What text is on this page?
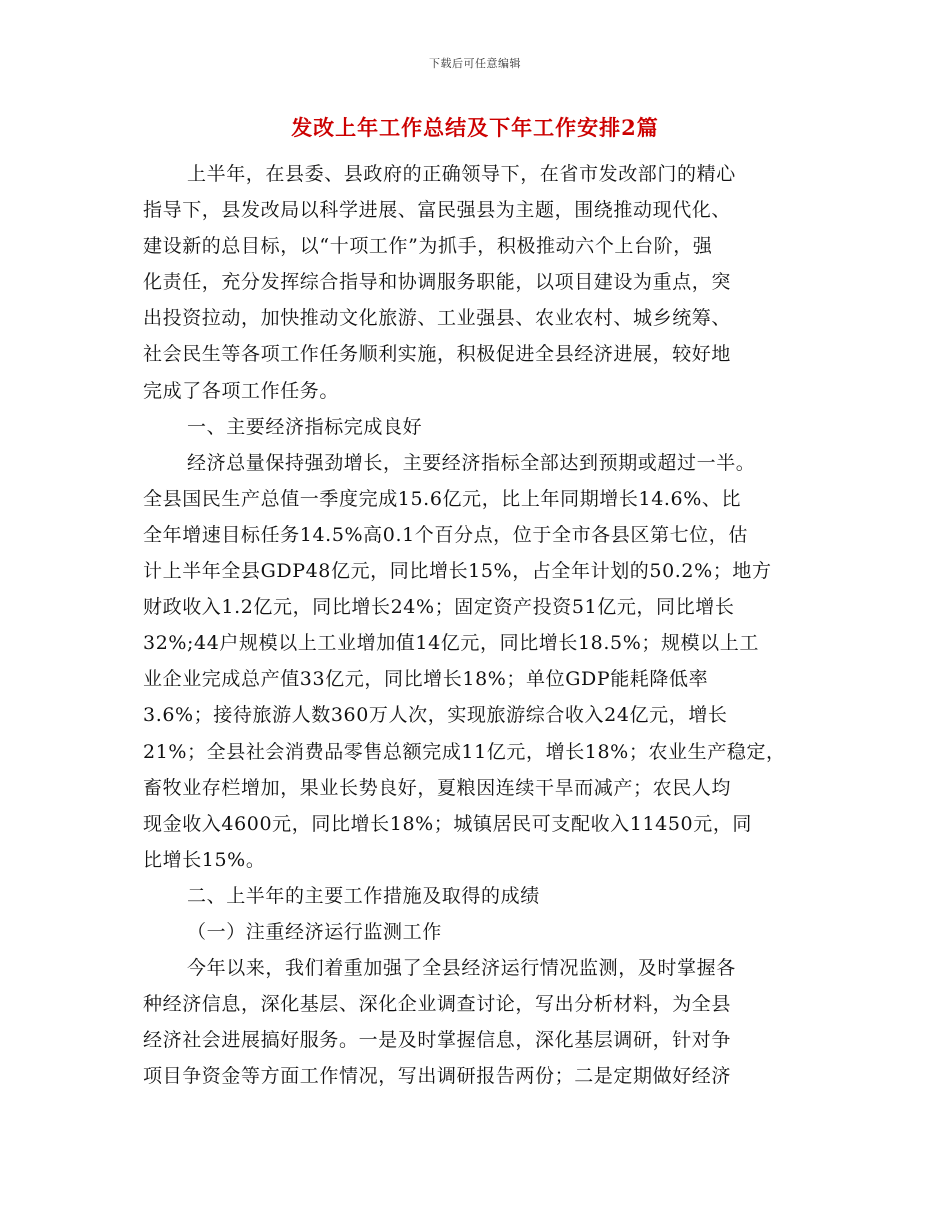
下载后可任意编辑
发改上年工作总结及下年工作安排2篇
上半年，在县委、县政府的正确领导下，在省市发改部门的精心
指导下，县发改局以科学进展、富民强县为主题，围绕推动现代化、
建设新的总目标，以“十项工作”为抓手，积极推动六个上台阶，强
化责任，充分发挥综合指导和协调服务职能，以项目建设为重点，突
出投资拉动，加快推动文化旅游、工业强县、农业农村、城乡统筹、
社会民生等各项工作任务顺利实施，积极促进全县经济进展，较好地
完成了各项工作任务。
一、主要经济指标完成良好
经济总量保持强劲增长，主要经济指标全部达到预期或超过一半。
全县国民生产总值一季度完成15.6亿元，比上年同期增长14.6%、比
全年增速目标任务14.5%高0.1个百分点，位于全市各县区第七位，估
计上半年全县GDP48亿元，同比增长15%，占全年计划的50.2%；地方
财政收入1.2亿元，同比增长24%；固定资产投资51亿元，同比增长
32%;44户规模以上工业增加值14亿元，同比增长18.5%；规模以上工
业企业完成总产值33亿元，同比增长18%；单位GDP能耗降低率
3.6%；接待旅游人数360万人次，实现旅游综合收入24亿元，增长
21%；全县社会消费品零售总额完成11亿元，增长18%；农业生产稳定，
畜牧业存栏增加，果业长势良好，夏粮因连续干旱而减产；农民人均
现金收入4600元，同比增长18%；城镇居民可支配收入11450元，同
比增长15%。
二、上半年的主要工作措施及取得的成绩
（一）注重经济运行监测工作
今年以来，我们着重加强了全县经济运行情况监测，及时掌握各
种经济信息，深化基层、深化企业调查讨论，写出分析材料，为全县
经济社会进展搞好服务。一是及时掌握信息，深化基层调研，针对争
项目争资金等方面工作情况，写出调研报告两份；二是定期做好经济
